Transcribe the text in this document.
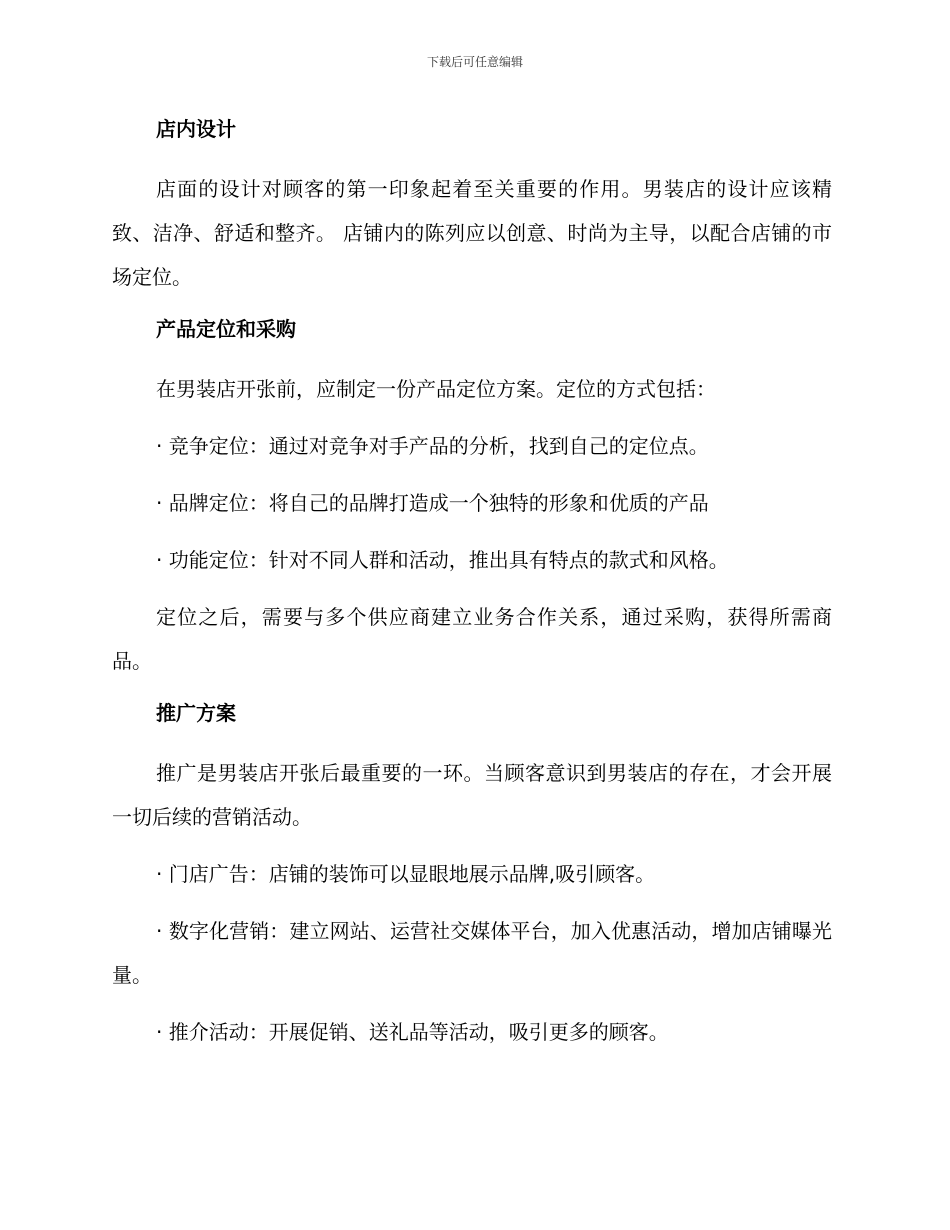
下载后可任意编辑
店内设计

店面的设计对顾客的第一印象起着至关重要的作用。男装店的设计应该精致、洁净、舒适和整齐。 店铺内的陈列应以创意、时尚为主导，以配合店铺的市场定位。

产品定位和采购

在男装店开张前，应制定一份产品定位方案。定位的方式包括：

· 竞争定位：通过对竞争对手产品的分析，找到自己的定位点。

· 品牌定位：将自己的品牌打造成一个独特的形象和优质的产品

· 功能定位：针对不同人群和活动，推出具有特点的款式和风格。

定位之后，需要与多个供应商建立业务合作关系，通过采购，获得所需商品。

推广方案

推广是男装店开张后最重要的一环。当顾客意识到男装店的存在，才会开展一切后续的营销活动。

· 门店广告：店铺的装饰可以显眼地展示品牌,吸引顾客。

· 数字化营销：建立网站、运营社交媒体平台，加入优惠活动，增加店铺曝光量。

· 推介活动：开展促销、送礼品等活动，吸引更多的顾客。
